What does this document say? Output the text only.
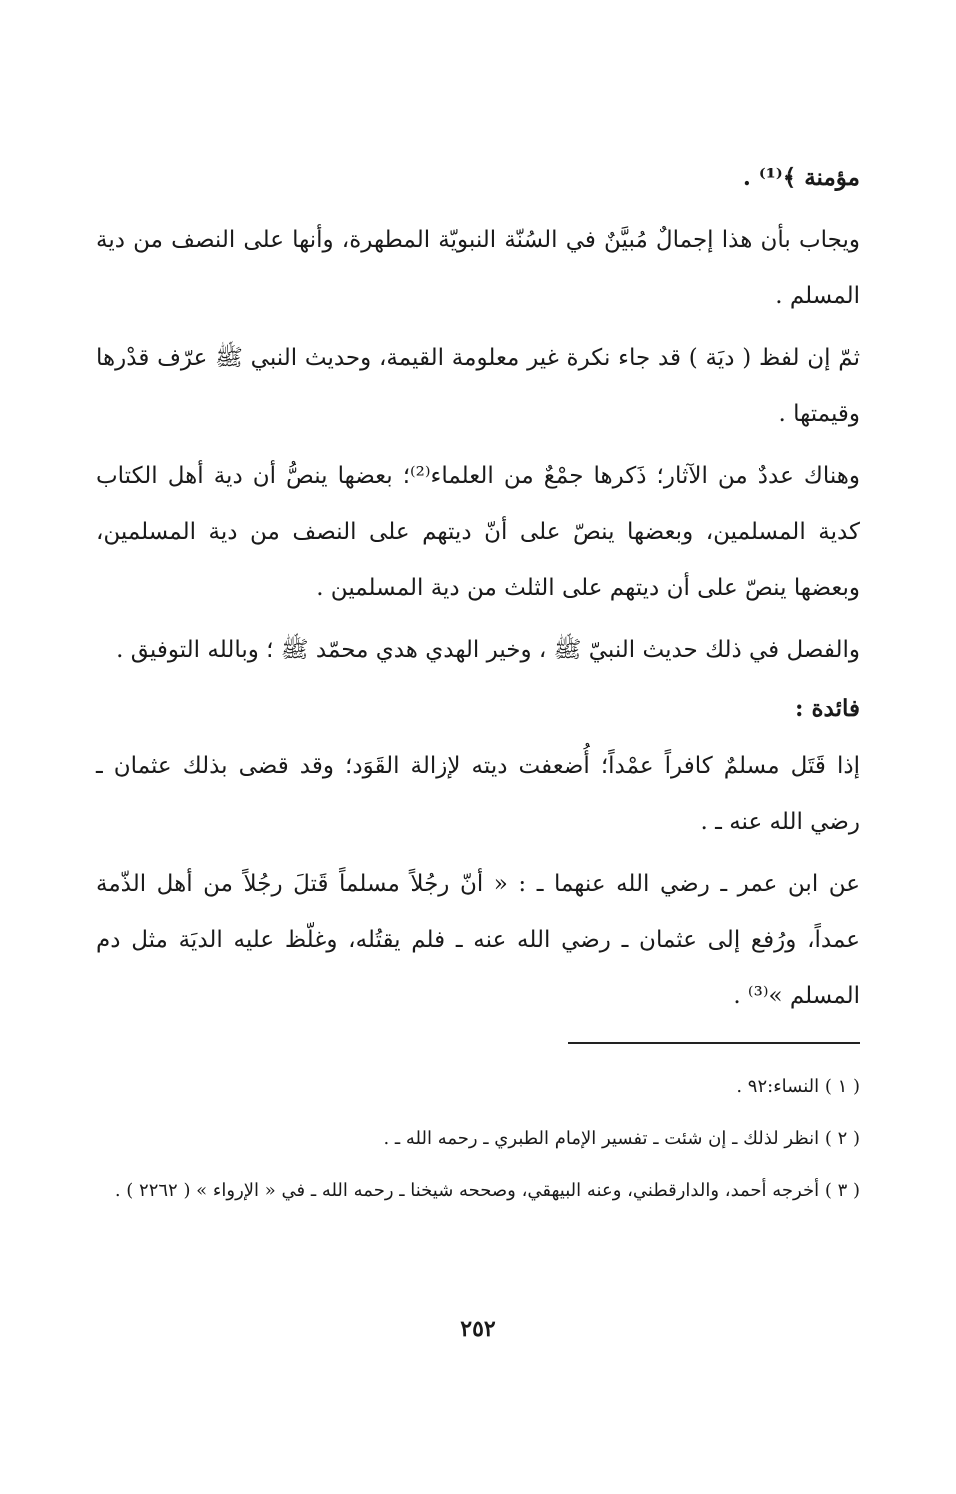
مؤمنة ﴾⁽¹⁾ .

ويجاب بأن هذا إجمالٌ مُبيَّنٌ في السُنّة النبويّة المطهرة، وأنها على النصف من دية المسلم .

ثمّ إن لفظ ( ديَة ) قد جاء نكرة غير معلومة القيمة، وحديث النبي ﷺ عرّف قدْرها وقيمتها .

وهناك عددٌ من الآثار؛ ذَكرها جمْعٌ من العلماء⁽²⁾؛ بعضها ينصُّ أن دية أهل الكتاب كدية المسلمين، وبعضها ينصّ على أنّ ديتهم على النصف من دية المسلمين، وبعضها ينصّ على أن ديتهم على الثلث من دية المسلمين .

والفصل في ذلك حديث النبيّ ﷺ ، وخير الهدي هدي محمّد ﷺ ؛ وبالله التوفيق .

فائدة :

إذا قَتَل مسلمٌ كافراً عمْداً؛ أُضعفت ديته لإزالة القَوَد؛ وقد قضى بذلك عثمان ـ رضي الله عنه ـ .

عن ابن عمر ـ رضي الله عنهما ـ : « أنّ رجُلاً مسلماً قَتلَ رجُلاً من أهل الذّمة عمداً، ورُفع إلى عثمان ـ رضي الله عنه ـ فلم يقتُله، وغلّظ عليه الديَة مثل دم المسلم »⁽³⁾ .

( ١ ) النساء:٩٢ .

( ٢ ) انظر لذلك ـ إن شئت ـ تفسير الإمام الطبري ـ رحمه الله ـ .

( ٣ ) أخرجه أحمد، والدارقطني، وعنه البيهقي، وصححه شيخنا ـ رحمه الله ـ في « الإرواء » ( ٢٢٦٢ ) .

٢٥٢
